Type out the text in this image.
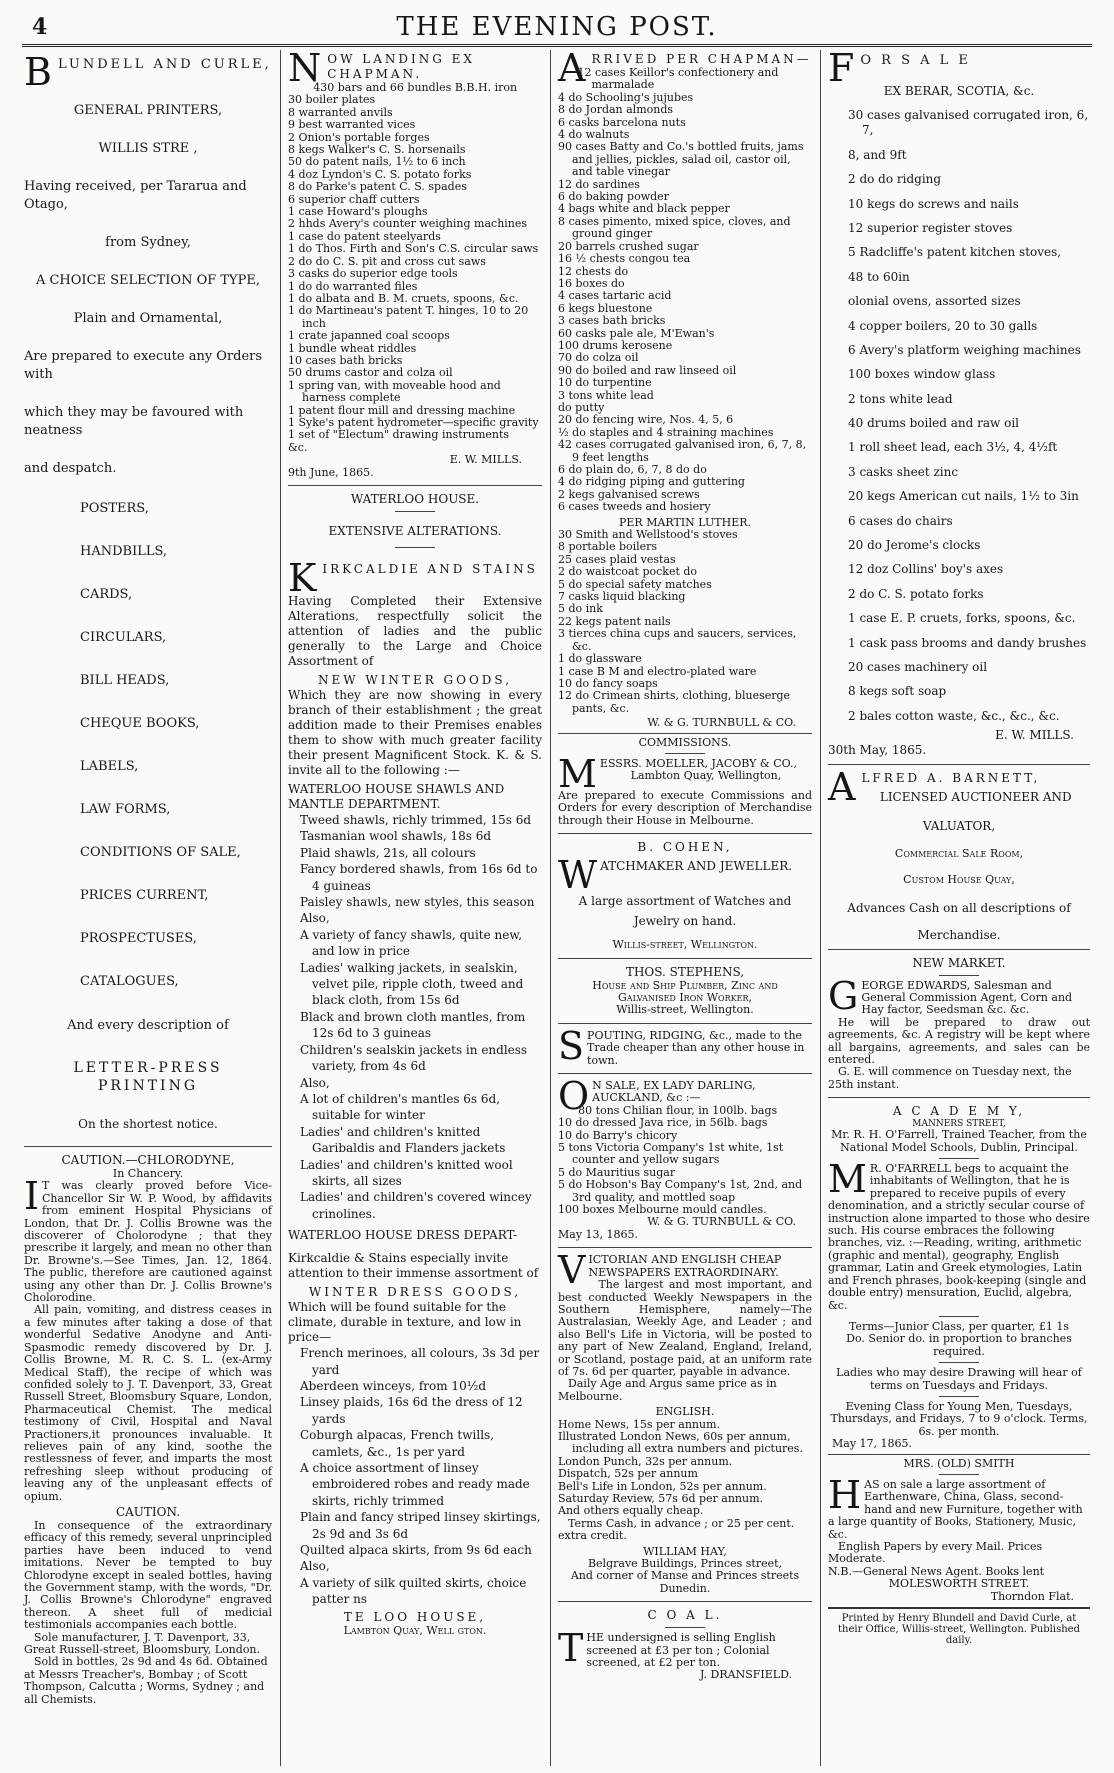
4	THE EVENING POST.

BLUNDELL AND CURLE,

GENERAL PRINTERS,

WILLIS STRE ,

Having received, per Tararua and Otago,

from Sydney,

A CHOICE SELECTION OF TYPE,

Plain and Ornamental,

Are prepared to execute any Orders with

which they may be favoured with neatness

and despatch.

POSTERS,

HANDBILLS,

CARDS,

CIRCULARS,

BILL HEADS,

CHEQUE BOOKS,

LABELS,

LAW FORMS,

CONDITIONS OF SALE,

PRICES CURRENT,

PROSPECTUSES,

CATALOGUES,

And every description of

LETTER-PRESS PRINTING

On the shortest notice.

CAUTION.—CHLORODYNE,

In Chancery.

I T was clearly proved before Vice-Chancellor Sir W. P. Wood, by affidavits from eminent Hospital Physicians of London, that Dr. J. Collis Browne was the discoverer of Cholorodyne ; that they prescribe it largely, and mean no other than Dr. Browne's.—See Times, Jan. 12, 1864. The public, therefore are cautioned against using any other than Dr. J. Collis Browne's Cholorodine.

All pain, vomiting, and distress ceases in a few minutes after taking a dose of that wonderful Sedative Anodyne and Anti-Spasmodic remedy discovered by Dr. J. Collis Browne, M. R. C. S. L. (ex-Army Medical Staff), the recipe of which was confided solely to J. T. Davenport, 33, Great Russell Street, Bloomsbury Square, London, Pharmaceutical Chemist. The medical testimony of Civil, Hospital and Naval Practioners,it pronounces invaluable. It relieves pain of any kind, soothe the restlessness of fever, and imparts the most refreshing sleep without producing of leaving any of the unpleasant effects of opium.

CAUTION.

In consequence of the extraordinary efficacy of this remedy, several unprincipled parties have been induced to vend imitations. Never be tempted to buy Chlorodyne except in sealed bottles, having the Government stamp, with the words, "Dr. J. Collis Browne's Chlorodyne" engraved thereon. A sheet full of medicial testimonials accompanies each bottle.

Sole manufacturer, J. T. Davenport, 33, Great Russell-street, Bloomsbury, London.

Sold in bottles, 2s 9d and 4s 6d. Obtained at Messrs Treacher's, Bombay ; of Scott Thompson, Calcutta ; Worms, Sydney ; and all Chemists.

NOW LANDING EX CHAPMAN.

430 bars and 66 bundles B.B.H. iron

30 boiler plates

8 warranted anvils

9 best warranted vices

2 Onion's portable forges

8 kegs Walker's C. S. horsenails

50 do patent nails, 1½ to 6 inch

4 doz Lyndon's C. S. potato forks

8 do Parke's patent C. S. spades

6 superior chaff cutters

1 case Howard's ploughs

2 hhds Avery's counter weighing machines

1 case do patent steelyards

1 do Thos. Firth and Son's C.S. circular saws

2 do do C. S. pit and cross cut saws

3 casks do superior edge tools

1 do do warranted files

1 do albata and B. M. cruets, spoons, &c.

1 do Martineau's patent T. hinges, 10 to 20 inch

1 crate japanned coal scoops

1 bundle wheat riddles

10 cases bath bricks

50 drums castor and colza oil

1 spring van, with moveable hood and harness complete

1 patent flour mill and dressing machine

1 Syke's patent hydrometer—specific gravity

1 set of "Electum" drawing instruments

&c.

E. W. MILLS.

9th June, 1865.

WATERLOO HOUSE.

EXTENSIVE ALTERATIONS.

KIRKCALDIE AND STAINS

Having Completed their Extensive Alterations, respectfully solicit the attention of ladies and the public generally to the Large and Choice Assortment of

NEW WINTER GOODS,

Which they are now showing in every branch of their establishment ; the great addition made to their Premises enables them to show with much greater facility their present Magnificent Stock. K. & S. invite all to the following :—

WATERLOO HOUSE SHAWLS AND MANTLE DEPARTMENT.

Tweed shawls, richly trimmed, 15s 6d

Tasmanian wool shawls, 18s 6d

Plaid shawls, 21s, all colours

Fancy bordered shawls, from 16s 6d to 4 guineas

Paisley shawls, new styles, this season

Also,

A variety of fancy shawls, quite new, and low in price

Ladies' walking jackets, in sealskin, velvet pile, ripple cloth, tweed and black cloth, from 15s 6d

Black and brown cloth mantles, from 12s 6d to 3 guineas

Children's sealskin jackets in endless variety, from 4s 6d

Also,

A lot of children's mantles 6s 6d, suitable for winter

Ladies' and children's knitted Garibaldis and Flanders jackets

Ladies' and children's knitted wool skirts, all sizes

Ladies' and children's covered wincey crinolines.

WATERLOO HOUSE DRESS DEPART-

Kirkcaldie & Stains especially invite attention to their immense assortment of

WINTER DRESS GOODS,

Which will be found suitable for the climate, durable in texture, and low in price—

French merinoes, all colours, 3s 3d per yard

Aberdeen winceys, from 10½d

Linsey plaids, 16s 6d the dress of 12 yards

Coburgh alpacas, French twills, camlets, &c., 1s per yard

A choice assortment of linsey embroidered robes and ready made skirts, richly trimmed

Plain and fancy striped linsey skirtings, 2s 9d and 3s 6d

Quilted alpaca skirts, from 9s 6d each

Also,

A variety of silk quilted skirts, choice patter ns

TE LOO HOUSE,

Lambton Quay, Well gton.

ARRIVED PER CHAPMAN—

12 cases Keillor's confectionery and marmalade

4 do Schooling's jujubes

8 do Jordan almonds

6 casks barcelona nuts

4 do walnuts

90 cases Batty and Co.'s bottled fruits, jams and jellies, pickles, salad oil, castor oil, and table vinegar

12 do sardines

6 do baking powder

4 bags white and black pepper

8 cases pimento, mixed spice, cloves, and ground ginger

20 barrels crushed sugar

16 ½ chests congou tea

12 chests do

16 boxes do

4 cases tartaric acid

6 kegs bluestone

3 cases bath bricks

60 casks pale ale, M'Ewan's

100 drums kerosene

70 do colza oil

90 do boiled and raw linseed oil

10 do turpentine

3 tons white lead

do putty

20 do fencing wire, Nos. 4, 5, 6

½ do staples and 4 straining machines

42 cases corrugated galvanised iron, 6, 7, 8, 9 feet lengths

6 do plain do, 6, 7, 8 do do

4 do ridging piping and guttering

2 kegs galvanised screws

6 cases tweeds and hosiery

PER MARTIN LUTHER.

30 Smith and Wellstood's stoves

8 portable boilers

25 cases plaid vestas

2 do waistcoat pocket do

5 do special safety matches

7 casks liquid blacking

5 do ink

22 kegs patent nails

3 tierces china cups and saucers, services, &c.

1 do glassware

1 case B M and electro-plated ware

10 do fancy soaps

12 do Crimean shirts, clothing, blueserge pants, &c.

W. & G. TURNBULL & CO.

COMMISSIONS.

MESSRS. MOELLER, JACOBY & CO.,

Lambton Quay, Wellington,

Are prepared to execute Commissions and Orders for every description of Merchandise through their House in Melbourne.

B. COHEN,

WATCHMAKER AND JEWELLER.

A large assortment of Watches and Jewelry on hand.

Willis-street, Wellington.

THOS. STEPHENS,

House and Ship Plumber, Zinc and

Galvanised Iron Worker,

Willis-street, Wellington.

SPOUTING, RIDGING, &c., made to the Trade cheaper than any other house in town.

O N SALE, EX LADY DARLING, AUCKLAND, &c :—

80 tons Chilian flour, in 100lb. bags

10 do dressed Java rice, in 56lb. bags

10 do Barry's chicory

5 tons Victoria Company's 1st white, 1st counter and yellow sugars

5 do Mauritius sugar

5 do Hobson's Bay Company's 1st, 2nd, and 3rd quality, and mottled soap

100 boxes Melbourne mould candles.

W. & G. TURNBULL & CO.

May 13, 1865.

VICTORIAN AND ENGLISH CHEAP NEWSPAPERS EXTRAORDINARY.

The largest and most important, and best conducted Weekly Newspapers in the Southern Hemisphere, namely—The Australasian, Weekly Age, and Leader ; and also Bell's Life in Victoria, will be posted to any part of New Zealand, England, Ireland, or Scotland, postage paid, at an uniform rate of 7s. 6d per quarter, payable in advance.

Daily Age and Argus same price as in Melbourne.

ENGLISH.

Home News, 15s per annum.

Illustrated London News, 60s per annum, including all extra numbers and pictures.

London Punch, 32s per annum.

Dispatch, 52s per annum

Bell's Life in London, 52s per annum.

Saturday Review, 57s 6d per annum.

And others equally cheap.

Terms Cash, in advance ; or 25 per cent. extra credit.

WILLIAM HAY,

Belgrave Buildings, Princes street,

And corner of Manse and Princes streets

Dunedin.

C O A L.

THE undersigned is selling English screened at £3 per ton ; Colonial screened, at £2 per ton.

J. DRANSFIELD.

F O R S A L E

EX BERAR, SCOTIA, &c.

30 cases galvanised corrugated iron, 6, 7,

8, and 9ft

2 do do ridging

10 kegs do screws and nails

12 superior register stoves

5 Radcliffe's patent kitchen stoves,

48 to 60in

olonial ovens, assorted sizes

4 copper boilers, 20 to 30 galls

6 Avery's platform weighing machines

100 boxes window glass

2 tons white lead

40 drums boiled and raw oil

1 roll sheet lead, each 3½, 4, 4½ft

3 casks sheet zinc

20 kegs American cut nails, 1½ to 3in

6 cases do chairs

20 do Jerome's clocks

12 doz Collins' boy's axes

2 do C. S. potato forks

1 case E. P. cruets, forks, spoons, &c.

1 cask pass brooms and dandy brushes

20 cases machinery oil

8 kegs soft soap

2 bales cotton waste, &c., &c., &c.

E. W. MILLS.

30th May, 1865.

ALFRED A. BARNETT,

LICENSED AUCTIONEER AND

VALUATOR,

Commercial Sale Room,

Custom House Quay,

Advances Cash on all descriptions of

Merchandise.

NEW MARKET.

GEORGE EDWARDS, Salesman and General Commission Agent, Corn and Hay factor, Seedsman &c. &c.

He will be prepared to draw out agreements, &c. A registry will be kept where all bargains, agreements, and sales can be entered.

G. E. will commence on Tuesday next, the 25th instant.

A C A D E M Y,

MANNERS STREET,

Mr. R. H. O'Farrell, Trained Teacher, from the National Model Schools, Dublin, Principal.

M R. O'FARRELL begs to acquaint the inhabitants of Wellington, that he is prepared to receive pupils of every denomination, and a strictly secular course of instruction alone imparted to those who desire such. His course embraces the following branches, viz. :—Reading, writing, arithmetic (graphic and mental), geography, English grammar, Latin and Greek etymologies, Latin and French phrases, book-keeping (single and double entry) mensuration, Euclid, algebra, &c.

Terms—Junior Class, per quarter, £1 1s

Do. Senior do. in proportion to branches required.

Ladies who may desire Drawing will hear of terms on Tuesdays and Fridays.

Evening Class for Young Men, Tuesdays, Thursdays, and Fridays, 7 to 9 o'clock. Terms, 6s. per month.

May 17, 1865.

MRS. (OLD) SMITH

HAS on sale a large assortment of Earthenware, China, Glass, second-hand and new Furniture, together with a large quantity of Books, Stationery, Music, &c.

English Papers by every Mail. Prices Moderate.

N.B.—General News Agent. Books lent

MOLESWORTH STREET.

Thorndon Flat.

Printed by Henry Blundell and David Curle, at their Office, Willis-street, Wellington. Published daily.
